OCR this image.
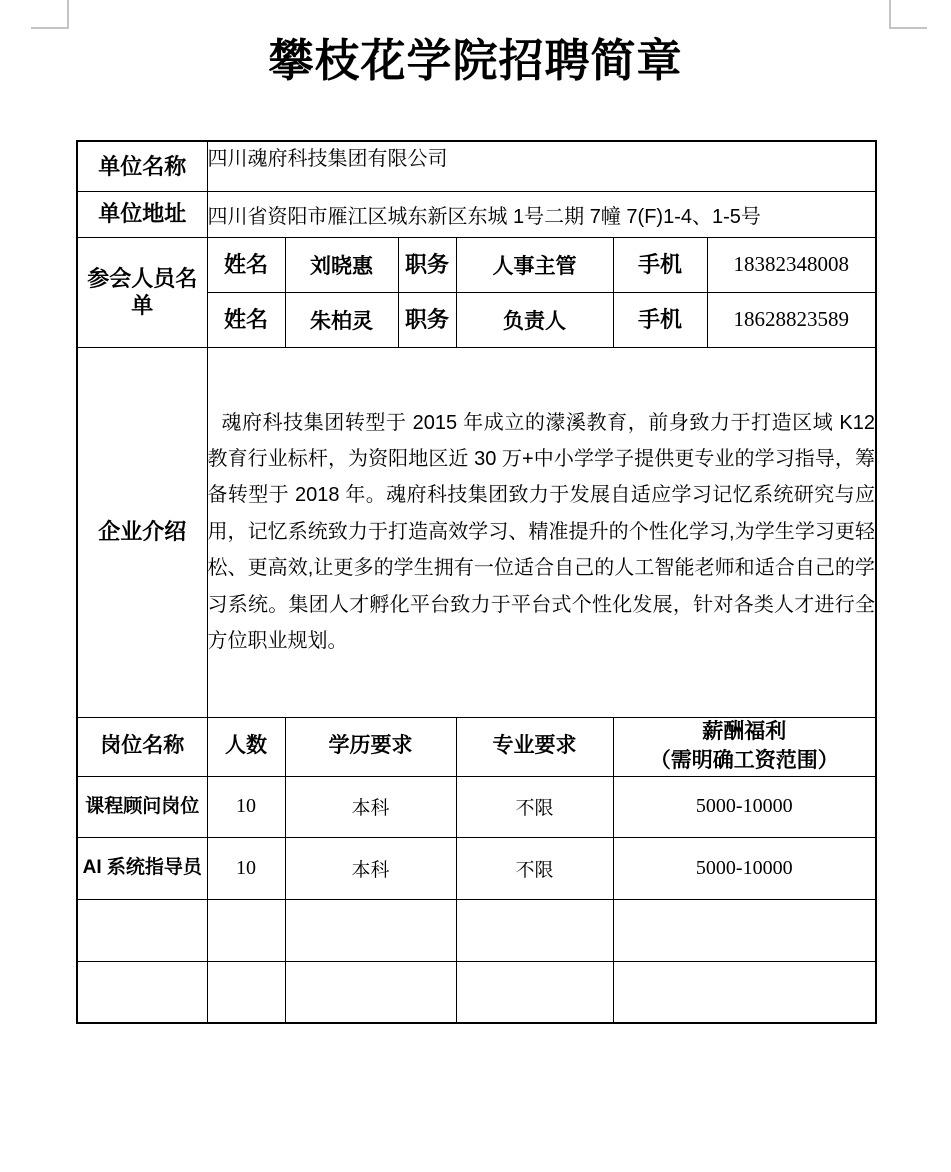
攀枝花学院招聘简章
单位名称	四川魂府科技集团有限公司					
单位地址	四川省资阳市雁江区城东新区东城 1号二期 7幢 7(F)1-4、1-5号					
参会人员名单	姓名	刘晓惠	职务	人事主管	手机	18382348008
	姓名	朱柏灵	职务	负责人	手机	18628823589
企业介绍	魂府科技集团转型于 2015 年成立的濛溪教育，前身致力于打造区域 K12 教育行业标杆，为资阳地区近 30 万+中小学学子提供更专业的学习指导，筹备转型于 2018 年。魂府科技集团致力于发展自适应学习记忆系统研究与应用，记忆系统致力于打造高效学习、精准提升的个性化学习,为学生学习更轻松、更高效,让更多的学生拥有一位适合自己的人工智能老师和适合自己的学习系统。集团人才孵化平台致力于平台式个性化发展，针对各类人才进行全方位职业规划。					

岗位名称	人数	学历要求		专业要求	薪酬福利
（需明确工资范围）	

课程顾问岗位	10	本科		不限	5000-10000	
AI 系统指导员	10	本科		不限	5000-10000	
